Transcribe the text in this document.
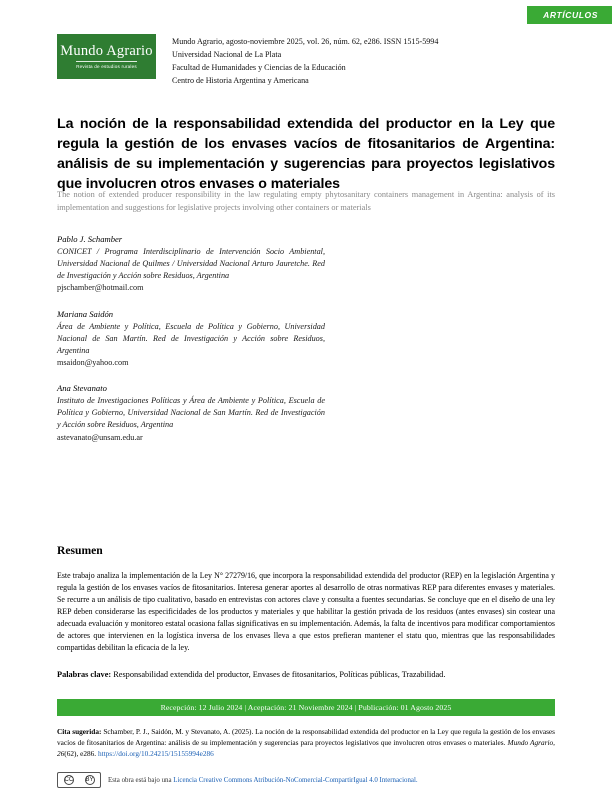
ARTÍCULOS
Mundo Agrario
Revista de estudios rurales
Mundo Agrario, agosto-noviembre 2025, vol. 26, núm. 62, e286. ISSN 1515-5994
Universidad Nacional de La Plata
Facultad de Humanidades y Ciencias de la Educación
Centro de Historia Argentina y Americana
La noción de la responsabilidad extendida del productor en la Ley que regula la gestión de los envases vacíos de fitosanitarios de Argentina: análisis de su implementación y sugerencias para proyectos legislativos que involucren otros envases o materiales
The notion of extended producer responsibility in the law regulating empty phytosanitary containers management in Argentina: analysis of its implementation and suggestions for legislative projects involving other containers or materials
Pablo J. Schamber
CONICET / Programa Interdisciplinario de Intervención Socio Ambiental, Universidad Nacional de Quilmes / Universidad Nacional Arturo Jauretche. Red de Investigación y Acción sobre Residuos, Argentina
pjschamber@hotmail.com
Mariana Saidón
Área de Ambiente y Política, Escuela de Política y Gobierno, Universidad Nacional de San Martín. Red de Investigación y Acción sobre Residuos, Argentina
msaidon@yahoo.com
Ana Stevanato
Instituto de Investigaciones Políticas y Área de Ambiente y Política, Escuela de Política y Gobierno, Universidad Nacional de San Martín. Red de Investigación y Acción sobre Residuos, Argentina
astevanato@unsam.edu.ar
Resumen
Este trabajo analiza la implementación de la Ley N° 27279/16, que incorpora la responsabilidad extendida del productor (REP) en la legislación Argentina y regula la gestión de los envases vacíos de fitosanitarios. Interesa generar aportes al desarrollo de otras normativas REP para diferentes envases y materiales. Se recurre a un análisis de tipo cualitativo, basado en entrevistas con actores clave y consulta a fuentes secundarias. Se concluye que en el diseño de una ley REP deben considerarse las especificidades de los productos y materiales y que habilitar la gestión privada de los residuos (antes envases) sin costear una adecuada evaluación y monitoreo estatal ocasiona fallas significativas en su implementación. Además, la falta de incentivos para modificar comportamientos de actores que intervienen en la logística inversa de los envases lleva a que estos prefieran mantener el statu quo, mientras que las responsabilidades compartidas debilitan la eficacia de la ley.
Palabras clave: Responsabilidad extendida del productor, Envases de fitosanitarios, Políticas públicas, Trazabilidad.
Recepción: 12 Julio 2024 | Aceptación: 21 Noviembre 2024 | Publicación: 01 Agosto 2025
Cita sugerida: Schamber, P. J., Saidón, M. y Stevanato, A. (2025). La noción de la responsabilidad extendida del productor en la Ley que regula la gestión de los envases vacíos de fitosanitarios de Argentina: análisis de su implementación y sugerencias para proyectos legislativos que involucren otros envases o materiales. Mundo Agrario, 26(62), e286. https://doi.org/10.24215/15155994e286
CC BY Esta obra está bajo una
Licencia Creative Commons Atribución-NoComercial-CompartirIgual 4.0 Internacional.
